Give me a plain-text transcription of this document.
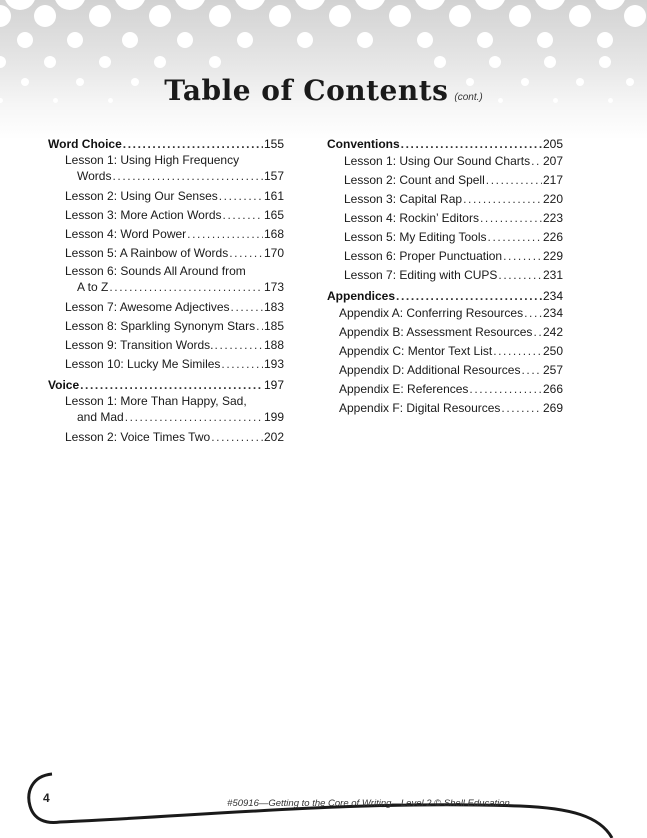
Table of Contents (cont.)
Word Choice .....	155
Lesson 1: Using High Frequency
Words .....	157
Lesson 2: Using Our Senses .....	161
Lesson 3: More Action Words .....	165
Lesson 4: Word Power .....	168
Lesson 5: A Rainbow of Words .....	170
Lesson 6: Sounds All Around from
A to Z .....	173
Lesson 7: Awesome Adjectives .....	183
Lesson 8: Sparkling Synonym Stars ..... 185
Lesson 9: Transition Words. .....	188
Lesson 10: Lucky Me Similes .....	193
Voice .....	197
Lesson 1: More Than Happy, Sad,
and Mad .....	199
Lesson 2: Voice Times Two .....	202
Conventions .....	205
Lesson 1: Using Our Sound Charts ..... 207
Lesson 2: Count and Spell .....	217
Lesson 3: Capital Rap .....	220
Lesson 4: Rockin’ Editors .....	223
Lesson 5: My Editing Tools .....	226
Lesson 6: Proper Punctuation .....	229
Lesson 7: Editing with CUPS .....	231
Appendices .....	234
Appendix A: Conferring Resources ..... 234
Appendix B: Assessment Resources ..... 242
Appendix C: Mentor Text List .....	250
Appendix D: Additional Resources ..... 257
Appendix E: References .....	266
Appendix F: Digital Resources .....	269
4	#50916—Getting to the Core of Writing—Level 2 © Shell Education
